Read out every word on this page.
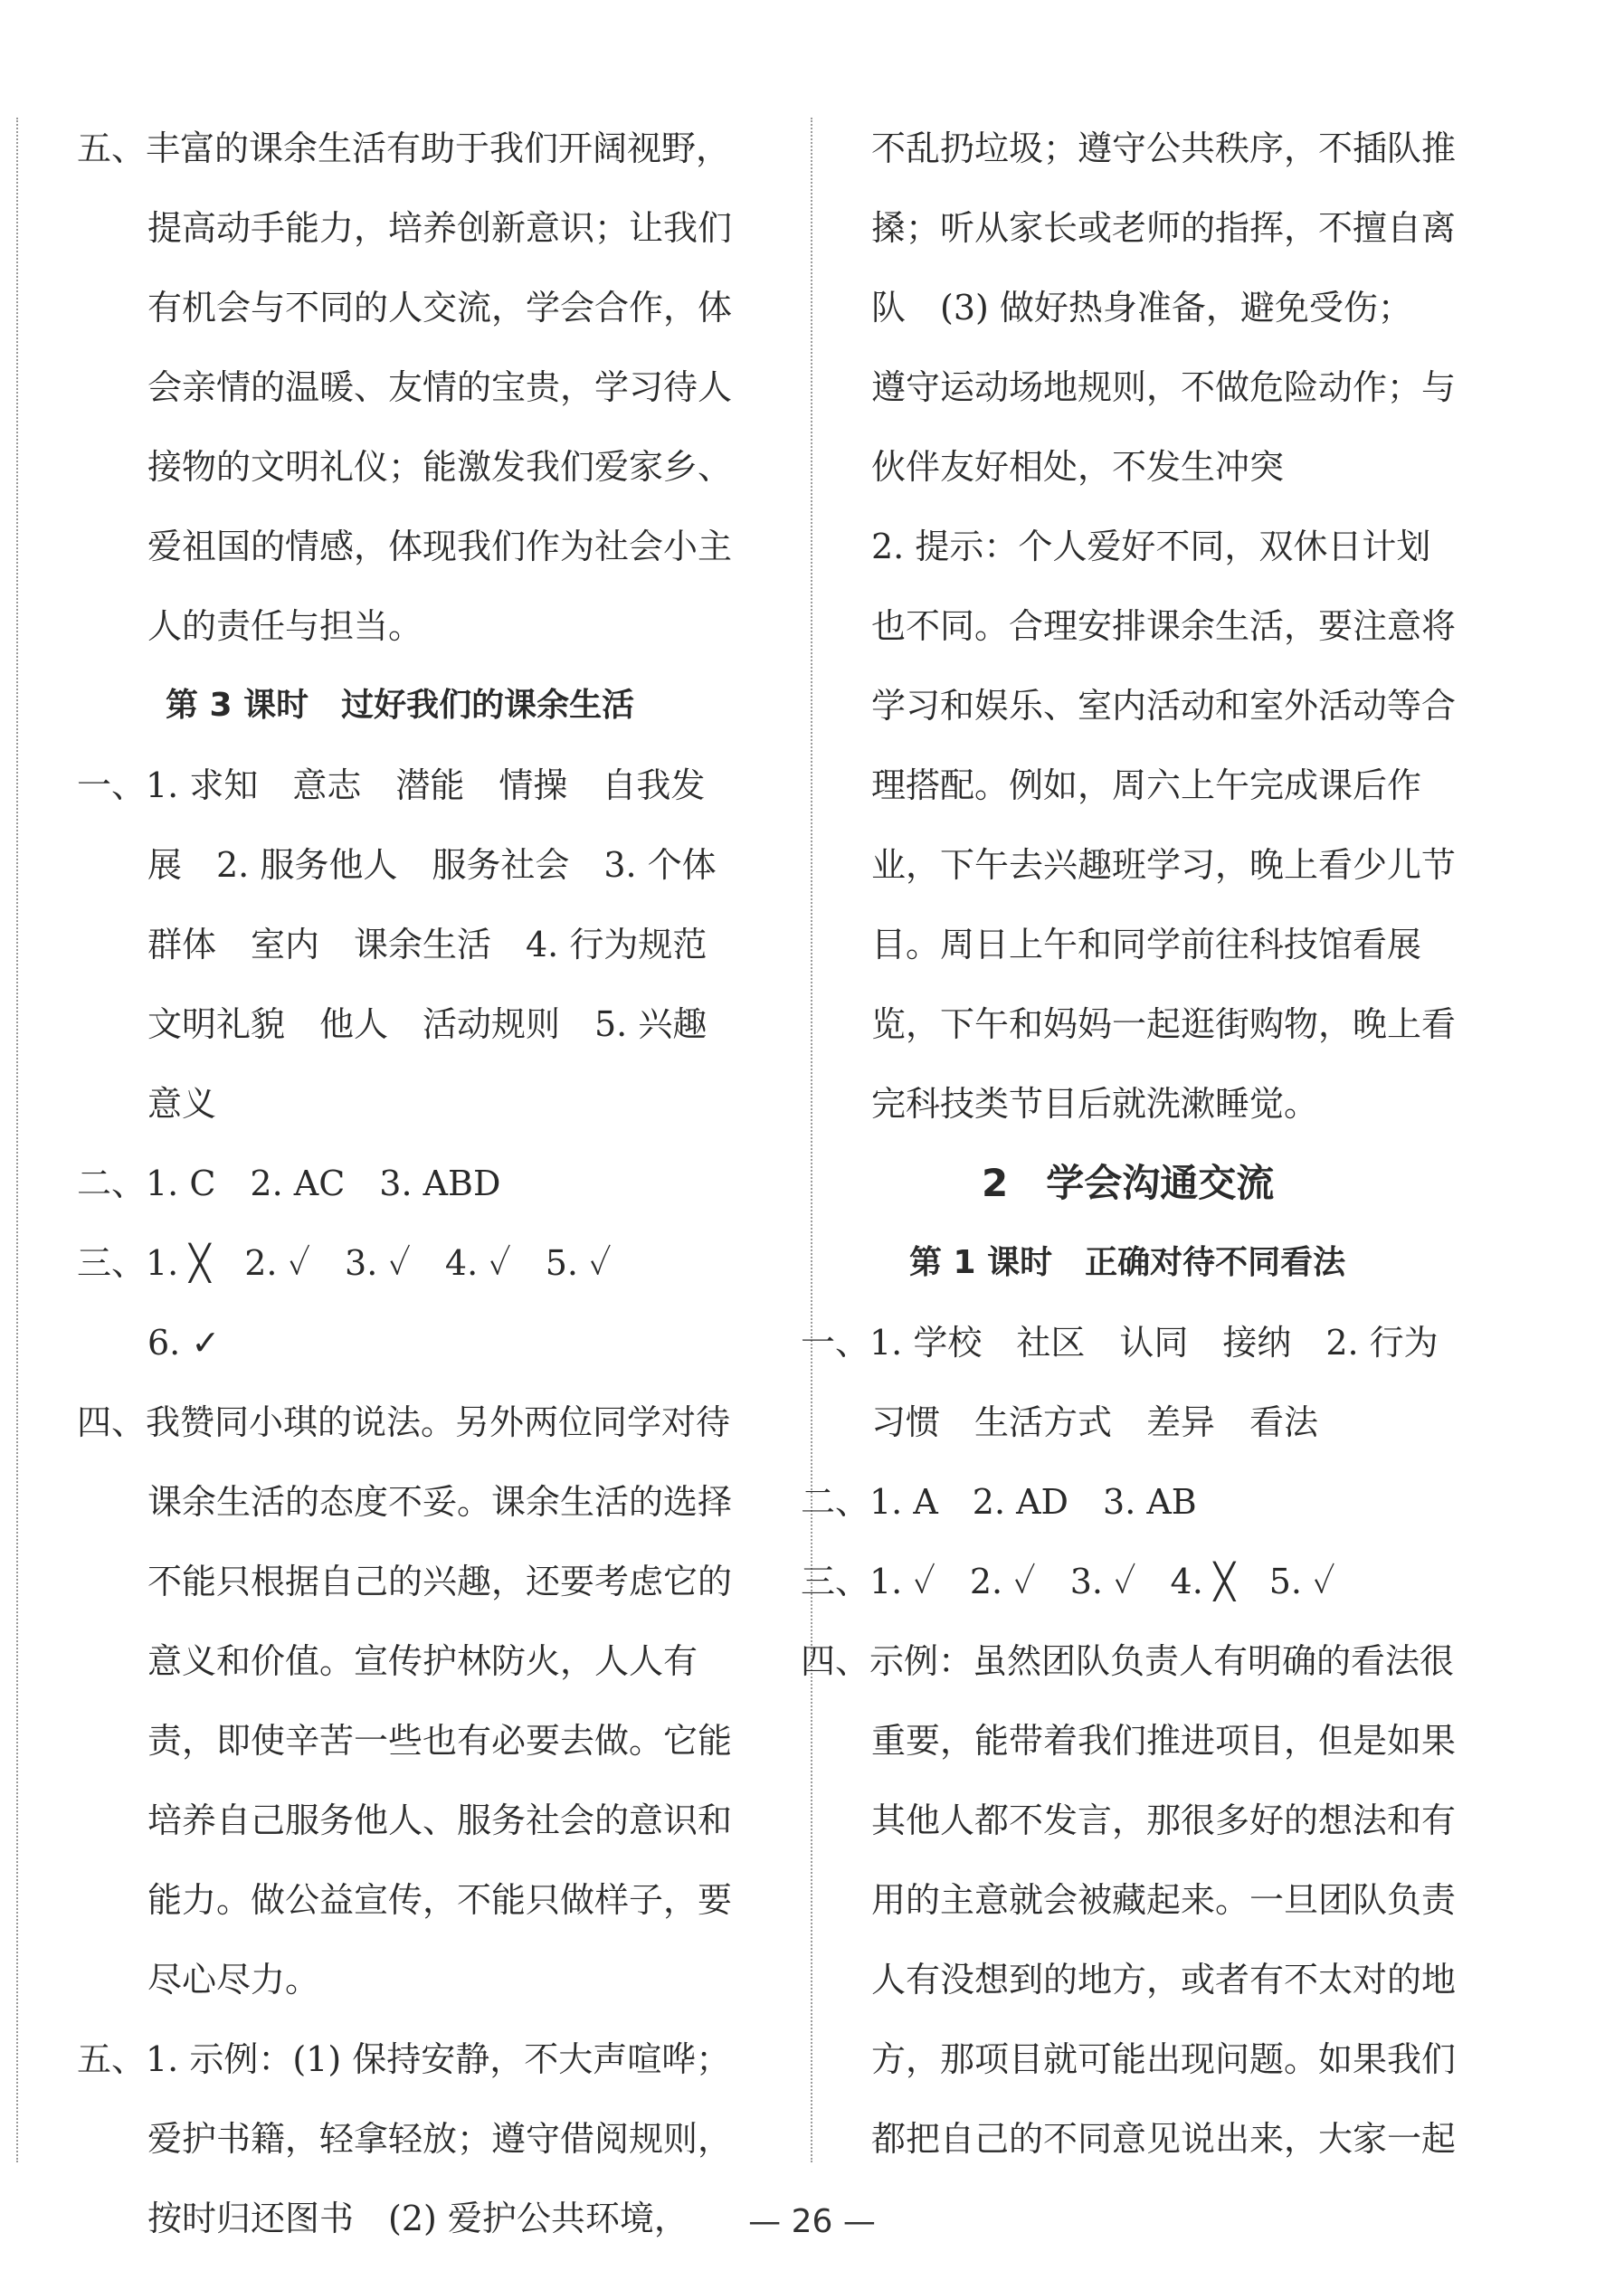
五、丰富的课余生活有助于我们开阔视野，
提高动手能力，培养创新意识；让我们
有机会与不同的人交流，学会合作，体
会亲情的温暖、友情的宝贵，学习待人
接物的文明礼仪；能激发我们爱家乡、
爱祖国的情感，体现我们作为社会小主
人的责任与担当。
第 3 课时　过好我们的课余生活
一、1. 求知　意志　潜能　情操　自我发
展　2. 服务他人　服务社会　3. 个体
群体　室内　课余生活　4. 行为规范
文明礼貌　他人　活动规则　5. 兴趣
意义
二、1. C　2. AC　3. ABD
三、1. ╳　2. ✓　3. ✓　4. ✓　5. ✓
6. ✓
四、我赞同小琪的说法。另外两位同学对待
课余生活的态度不妥。课余生活的选择
不能只根据自己的兴趣，还要考虑它的
意义和价值。宣传护林防火，人人有
责，即使辛苦一些也有必要去做。它能
培养自己服务他人、服务社会的意识和
能力。做公益宣传，不能只做样子，要
尽心尽力。
五、1. 示例：(1) 保持安静，不大声喧哗；
爱护书籍，轻拿轻放；遵守借阅规则，
按时归还图书　(2) 爱护公共环境，
不乱扔垃圾；遵守公共秩序，不插队推
搡；听从家长或老师的指挥，不擅自离
队　(3) 做好热身准备，避免受伤；
遵守运动场地规则，不做危险动作；与
伙伴友好相处，不发生冲突
2. 提示：个人爱好不同，双休日计划
也不同。合理安排课余生活，要注意将
学习和娱乐、室内活动和室外活动等合
理搭配。例如，周六上午完成课后作
业，下午去兴趣班学习，晚上看少儿节
目。周日上午和同学前往科技馆看展
览，下午和妈妈一起逛街购物，晚上看
完科技类节目后就洗漱睡觉。
2　学会沟通交流
第 1 课时　正确对待不同看法
一、1. 学校　社区　认同　接纳　2. 行为
习惯　生活方式　差异　看法
二、1. A　2. AD　3. AB
三、1. ✓　2. ✓　3. ✓　4. ╳　5. ✓
四、示例：虽然团队负责人有明确的看法很
重要，能带着我们推进项目，但是如果
其他人都不发言，那很多好的想法和有
用的主意就会被藏起来。一旦团队负责
人有没想到的地方，或者有不太对的地
方，那项目就可能出现问题。如果我们
都把自己的不同意见说出来，大家一起
— 26 —
